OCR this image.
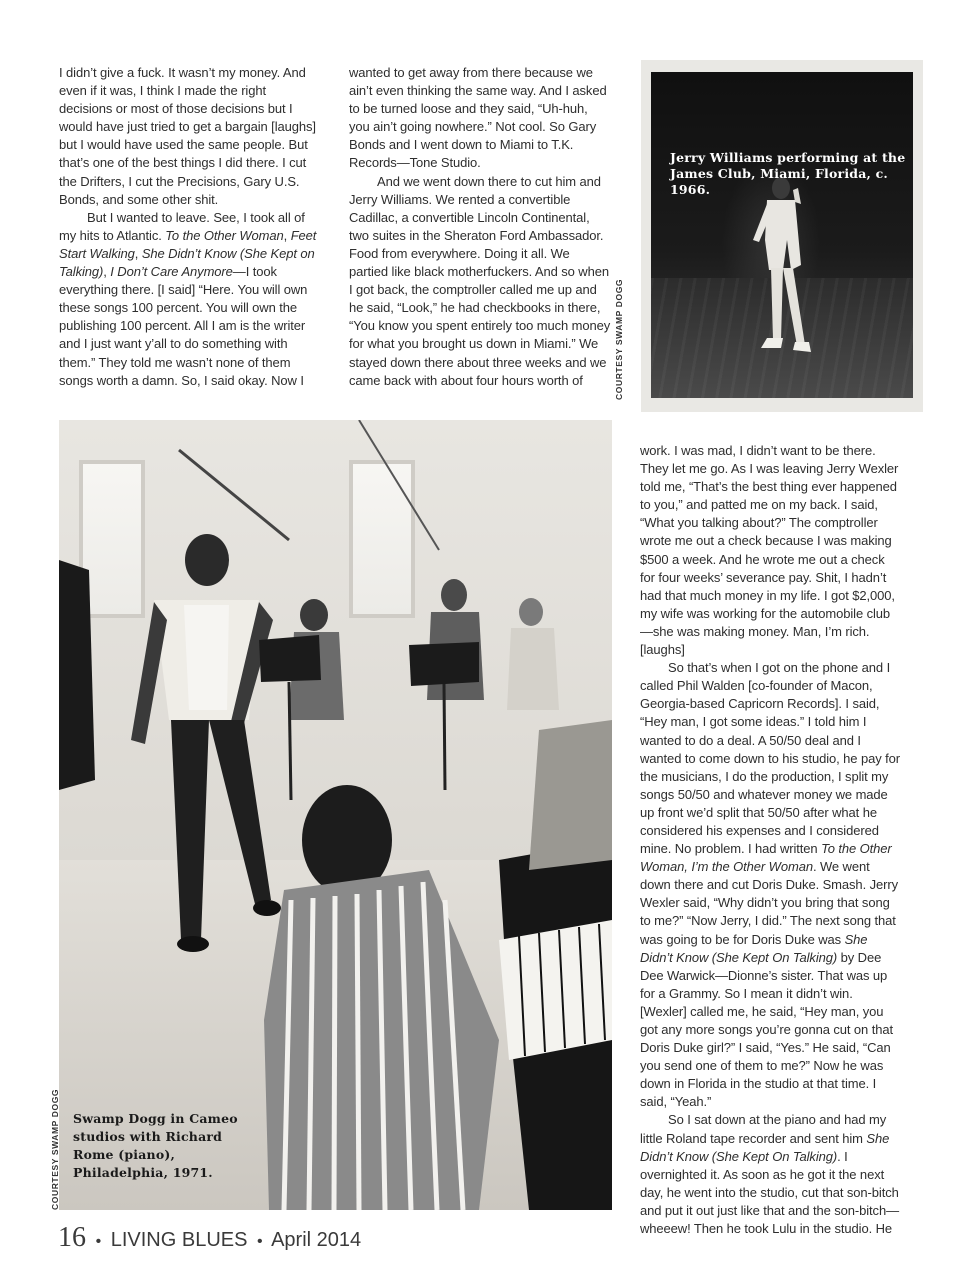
I didn’t give a fuck. It wasn’t my money. And even if it was, I think I made the right decisions or most of those decisions but I would have just tried to get a bargain [laughs] but I would have used the same people. But that’s one of the best things I did there. I cut the Drifters, I cut the Precisions, Gary U.S. Bonds, and some other shit.

But I wanted to leave. See, I took all of my hits to Atlantic. To the Other Woman, Feet Start Walking, She Didn’t Know (She Kept on Talking), I Don’t Care Anymore—I took everything there. [I said] “Here. You will own these songs 100 percent. You will own the publishing 100 percent. All I am is the writer and I just want y’all to do something with them.” They told me wasn’t none of them songs worth a damn. So, I said okay. Now I

wanted to get away from there because we ain’t even thinking the same way. And I asked to be turned loose and they said, “Uh-huh, you ain’t going nowhere.” Not cool. So Gary Bonds and I went down to Miami to T.K. Records—Tone Studio.

And we went down there to cut him and Jerry Williams. We rented a convertible Cadillac, a convertible Lincoln Continental, two suites in the Sheraton Ford Ambassador. Food from everywhere. Doing it all. We partied like black motherfuckers. And so when I got back, the comptroller called me up and he said, “Look,” he had checkbooks in there, “You know you spent entirely too much money for what you brought us down in Miami.” We stayed down there about three weeks and we came back with about four hours worth of

Jerry Williams performing at the James Club, Miami, Florida, c. 1966.
COURTESY SWAMP DOGG
Swamp Dogg in Cameo studios with Richard Rome (piano), Philadelphia, 1971.
COURTESY SWAMP DOGG

work. I was mad, I didn’t want to be there. They let me go. As I was leaving Jerry Wexler told me, “That’s the best thing ever happened to you,” and patted me on my back. I said, “What you talking about?” The comptroller wrote me out a check because I was making $500 a week. And he wrote me out a check for four weeks’ severance pay. Shit, I hadn’t had that much money in my life. I got $2,000, my wife was working for the automobile club—she was making money. Man, I’m rich. [laughs]

So that’s when I got on the phone and I called Phil Walden [co-founder of Macon, Georgia-based Capricorn Records]. I said, “Hey man, I got some ideas.” I told him I wanted to do a deal. A 50/50 deal and I wanted to come down to his studio, he pay for the musicians, I do the production, I split my songs 50/50 and whatever money we made up front we’d split that 50/50 after what he considered his expenses and I considered mine. No problem. I had written To the Other Woman, I’m the Other Woman. We went down there and cut Doris Duke. Smash. Jerry Wexler said, “Why didn’t you bring that song to me?” “Now Jerry, I did.” The next song that was going to be for Doris Duke was She Didn’t Know (She Kept On Talking) by Dee Dee Warwick—Dionne’s sister. That was up for a Grammy. So I mean it didn’t win. [Wexler] called me, he said, “Hey man, you got any more songs you’re gonna cut on that Doris Duke girl?” I said, “Yes.” He said, “Can you send one of them to me?” Now he was down in Florida in the studio at that time. I said, “Yeah.”

So I sat down at the piano and had my little Roland tape recorder and sent him She Didn’t Know (She Kept On Talking). I overnighted it. As soon as he got it the next day, he went into the studio, cut that son-bitch and put it out just like that and the son-bitch—wheeew! Then he took Lulu in the studio. He

16 • LIVING BLUES • April 2014
